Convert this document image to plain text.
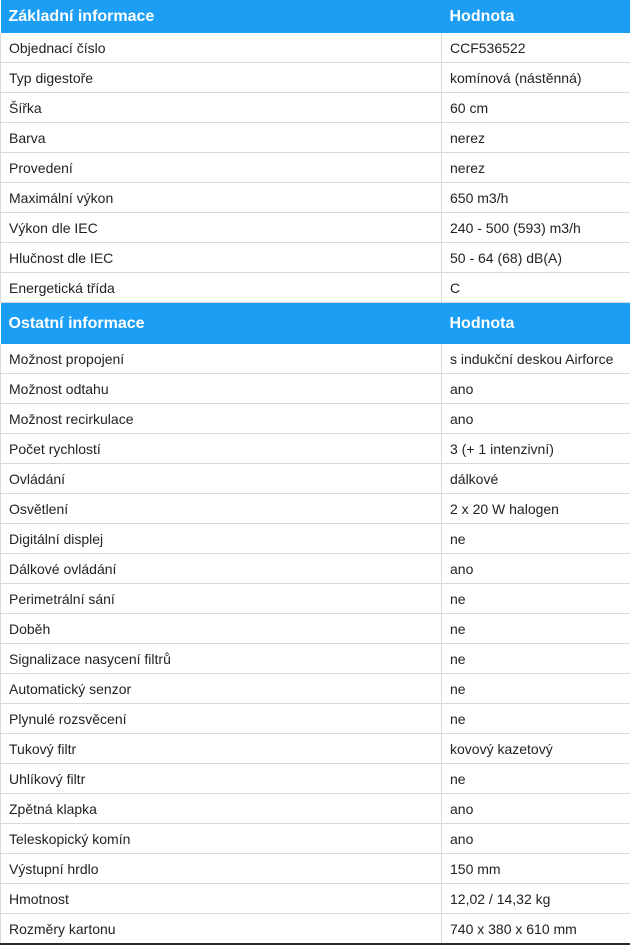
Základní informace	Hodnota
Objednací číslo	CCF536522
Typ digestoře	komínová (nástěnná)
Šířka	60 cm
Barva	nerez
Provedení	nerez
Maximální výkon	650 m3/h
Výkon dle IEC	240 - 500 (593) m3/h
Hlučnost dle IEC	50 - 64 (68) dB(A)
Energetická třída	C
Ostatní informace	Hodnota
Možnost propojení	s indukční deskou Airforce
Možnost odtahu	ano
Možnost recirkulace	ano
Počet rychlostí	3 (+ 1 intenzivní)
Ovládání	dálkové
Osvětlení	2 x 20 W halogen
Digitální displej	ne
Dálkové ovládání	ano
Perimetrální sání	ne
Doběh	ne
Signalizace nasycení filtrů	ne
Automatický senzor	ne
Plynulé rozsvěcení	ne
Tukový filtr	kovový kazetový
Uhlíkový filtr	ne
Zpětná klapka	ano
Teleskopický komín	ano
Výstupní hrdlo	150 mm
Hmotnost	12,02 / 14,32 kg
Rozměry kartonu	740 x 380 x 610 mm
